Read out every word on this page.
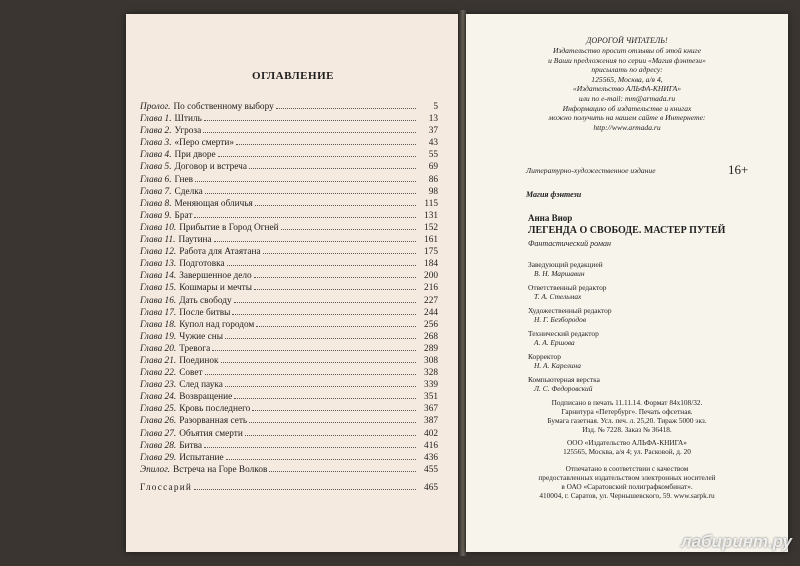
ОГЛАВЛЕНИЕ
Пролог. По собственному выбору	5
Глава 1. Штиль	13
Глава 2. Угроза	37
Глава 3. «Перо смерти»	43
Глава 4. При дворе	55
Глава 5. Договор и встреча	69
Глава 6. Гнев	86
Глава 7. Сделка	98
Глава 8. Меняющая обличья	115
Глава 9. Брат	131
Глава 10. Прибытие в Город Огней	152
Глава 11. Паутина	161
Глава 12. Работа для Атаятана	175
Глава 13. Подготовка	184
Глава 14. Завершенное дело	200
Глава 15. Кошмары и мечты	216
Глава 16. Дать свободу	227
Глава 17. После битвы	244
Глава 18. Купол над городом	256
Глава 19. Чужие сны	268
Глава 20. Тревога	289
Глава 21. Поединок	308
Глава 22. Совет	328
Глава 23. След паука	339
Глава 24. Возвращение	351
Глава 25. Кровь последнего	367
Глава 26. Разорванная сеть	387
Глава 27. Объятия смерти	402
Глава 28. Битва	416
Глава 29. Испытание	436
Эпилог. Встреча на Горе Волков	455
Глоссарий	465
ДОРОГОЙ ЧИТАТЕЛЬ!
Издательство просит отзывы об этой книге
и Ваши предложения по серии «Магия фэнтези»
присылать по адресу:
125565, Москва, а/я 4,
«Издательство АЛЬФА-КНИГА»
или по e-mail: mm@armada.ru
Информацию об издательстве и книгах
можно получить на нашем сайте в Интернете:
http://www.armada.ru
Литературно-художественное издание	16+
Магия фэнтези
Анна Виор
ЛЕГЕНДА О СВОБОДЕ. МАСТЕР ПУТЕЙ
Фантастический роман
Заведующий редакцией
В. Н. Маршавин
Ответственный редактор
Т. А. Стельмах
Художественный редактор
Н. Г. Безбородов
Технический редактор
А. А. Ершова
Корректор
Н. А. Карелина
Компьютерная верстка
Л. С. Федоровский
Подписано в печать 11.11.14. Формат 84х108/32.
Гарнитура «Петербург». Печать офсетная.
Бумага газетная. Усл. печ. л. 25,20. Тираж 5000 экз.
Изд. № 7228. Заказ № 36418.
ООО «Издательство АЛЬФА-КНИГА»
125565, Москва, а/я 4; ул. Расковой, д. 20
Отпечатано в соответствии с качеством
предоставленных издательством электронных носителей
в ОАО «Саратовский полиграфкомбинат».
410004, г. Саратов, ул. Чернышевского, 59. www.sarpk.ru
лабиринт.ру
